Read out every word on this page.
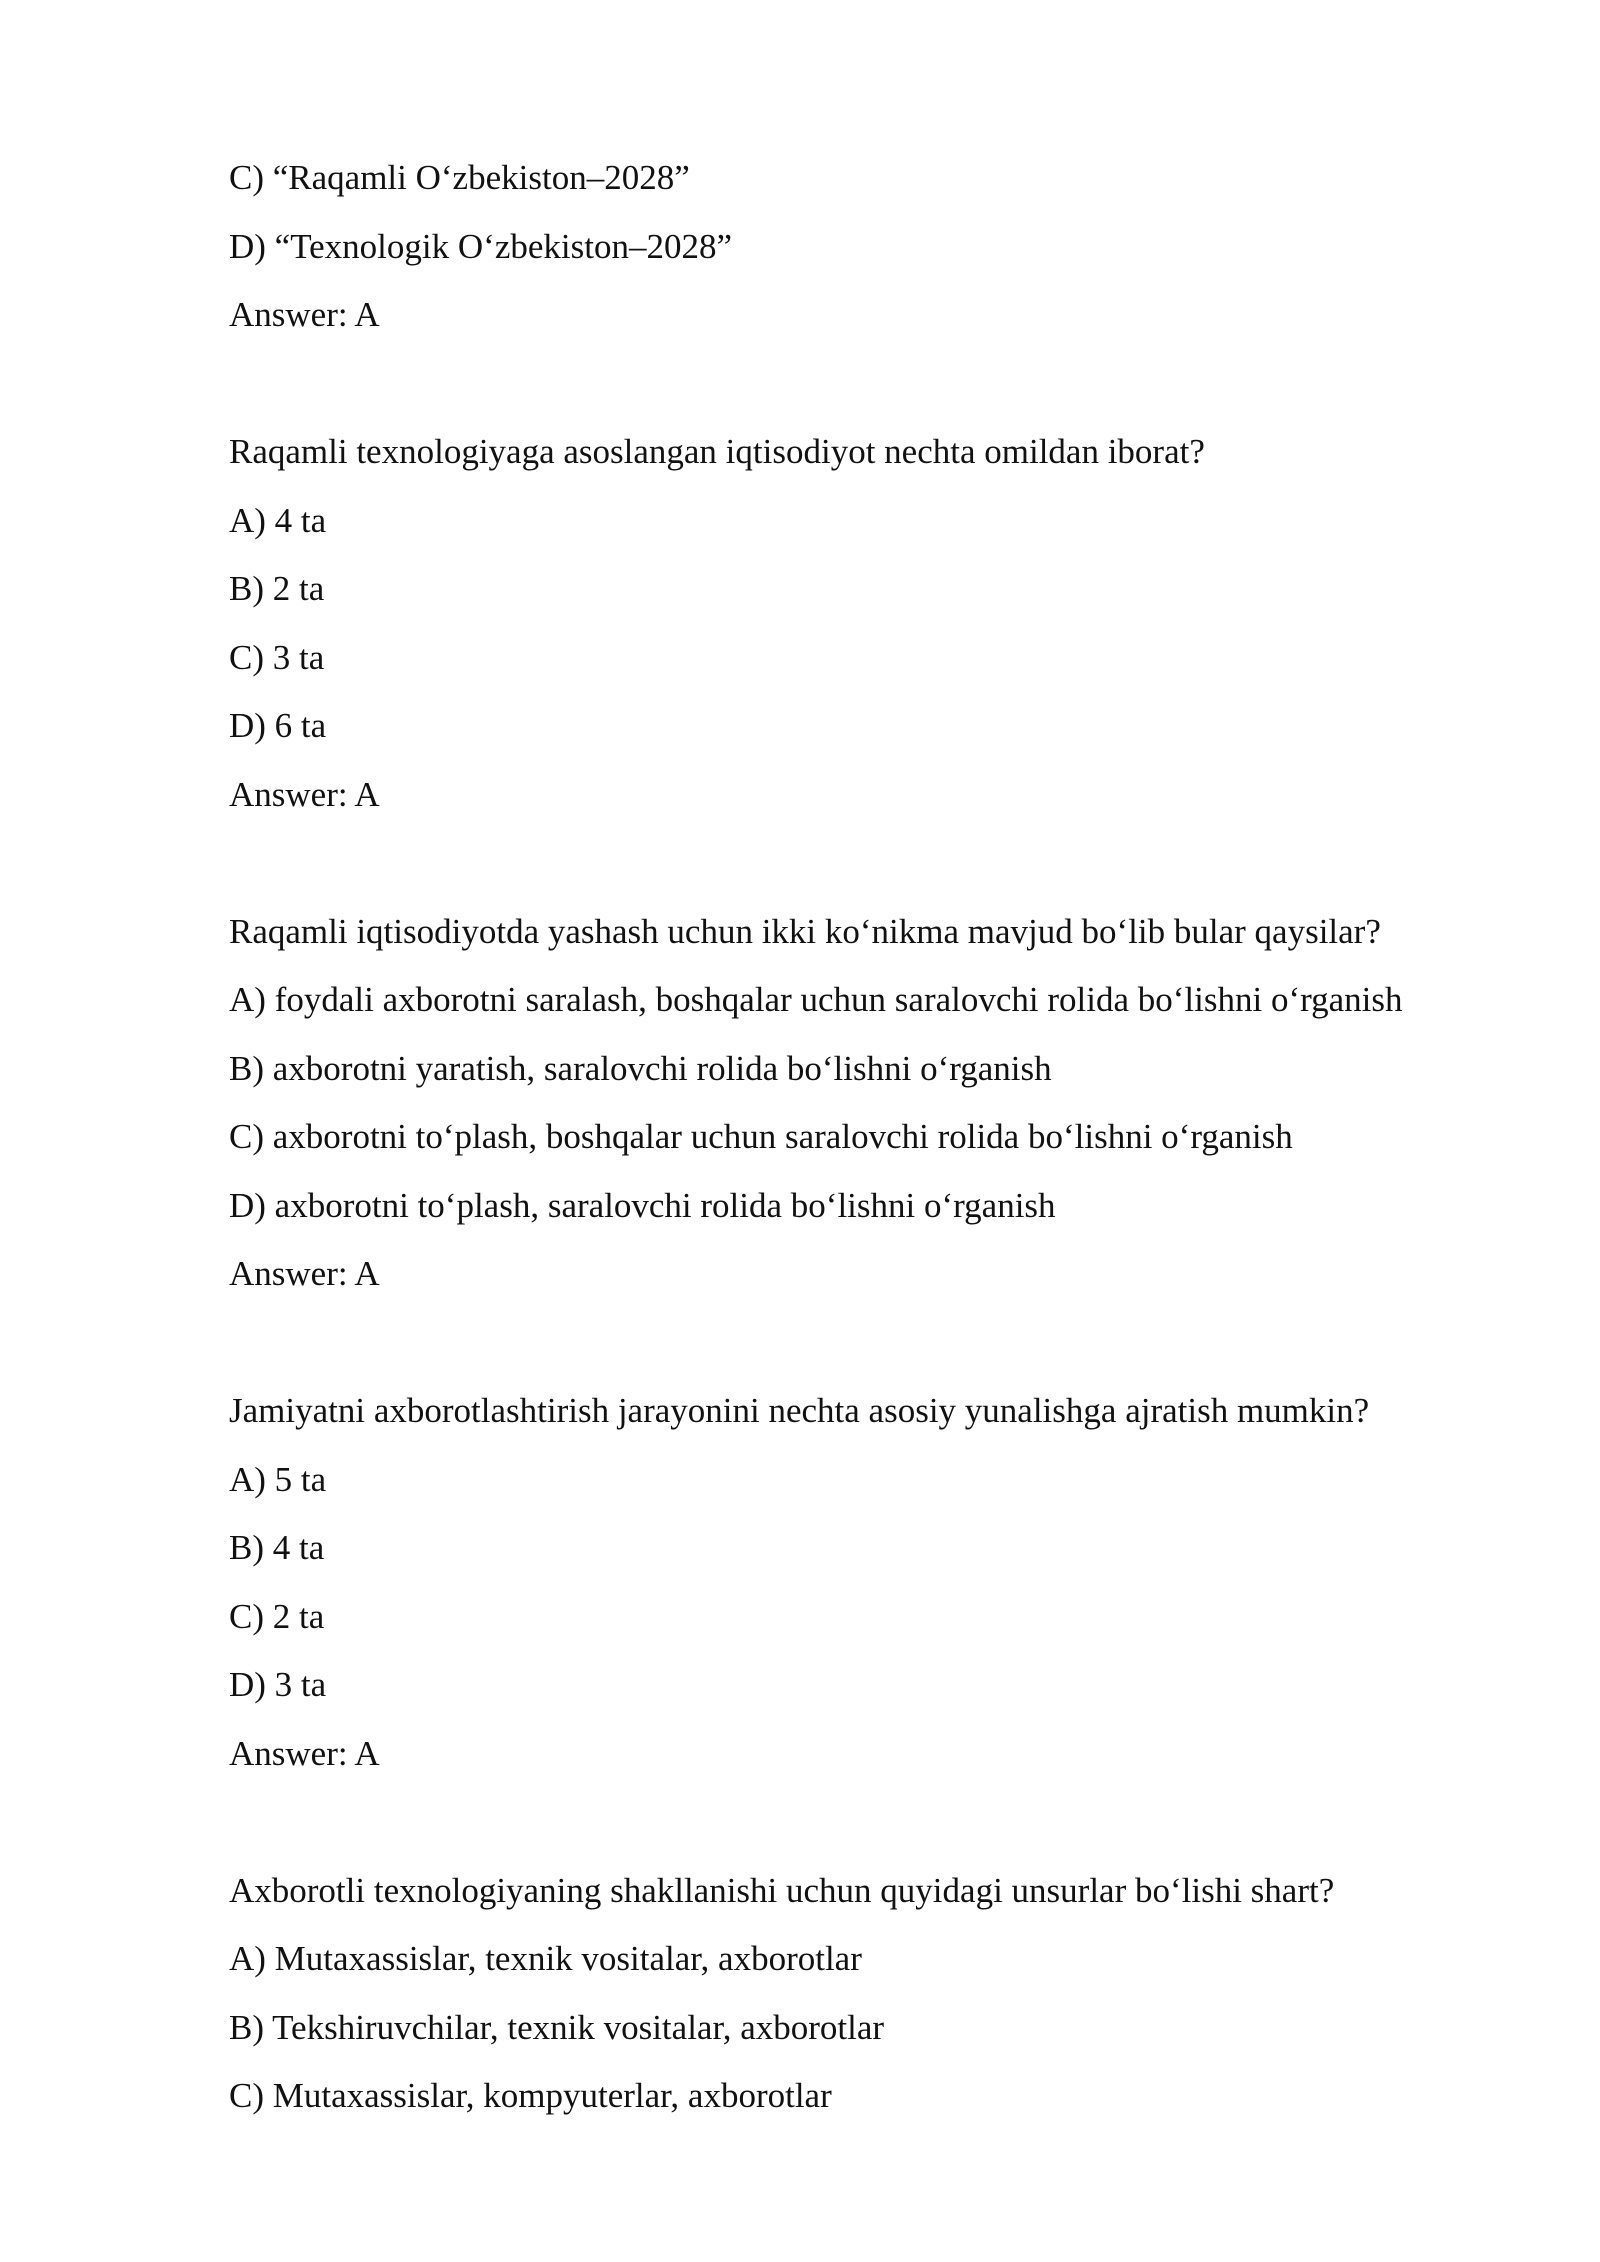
C) “Raqamli O‘zbekiston–2028”
D) “Texnologik O‘zbekiston–2028”
Answer: A
Raqamli texnologiyaga asoslangan iqtisodiyot nechta omildan iborat?
A) 4 ta
B) 2 ta
C) 3 ta
D) 6 ta
Answer: A
Raqamli iqtisodiyotda yashash uchun ikki ko‘nikma mavjud bo‘lib bular qaysilar?
A) foydali axborotni saralash, boshqalar uchun saralovchi rolida bo‘lishni o‘rganish
B) axborotni yaratish, saralovchi rolida bo‘lishni o‘rganish
C) axborotni to‘plash, boshqalar uchun saralovchi rolida bo‘lishni o‘rganish
D) axborotni to‘plash, saralovchi rolida bo‘lishni o‘rganish
Answer: A
Jamiyatni axborotlashtirish jarayonini nechta asosiy yunalishga ajratish mumkin?
A) 5 ta
B) 4 ta
C) 2 ta
D) 3 ta
Answer: A
Axborotli texnologiyaning shakllanishi uchun quyidagi unsurlar bo‘lishi shart?
A) Mutaxassislar, texnik vositalar, axborotlar
B) Tekshiruvchilar, texnik vositalar, axborotlar
C) Mutaxassislar, kompyuterlar, axborotlar
